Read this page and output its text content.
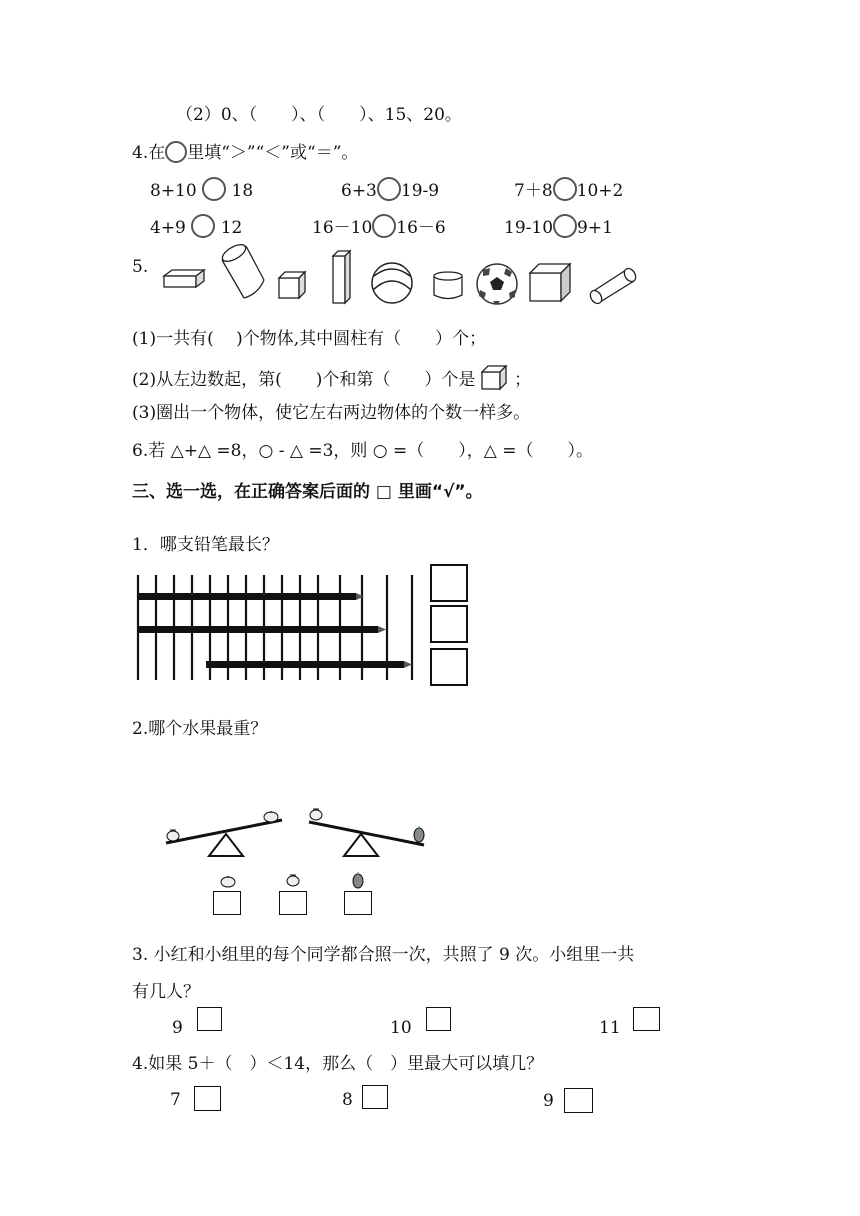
（2）0、（　　）、（　　）、15、20。
4.在 里填“＞”“＜”或“＝”。
8+10 18	6+3 19-9	7＋8 10+2
4+9 12	16－10 16－6	19-10 9+1
5.
(1)一共有(　 )个物体,其中圆柱有（　　）个；
(2)从左边数起，第(　　)个和第（　　）个是 ；
(3)圈出一个物体，使它左右两边物体的个数一样多。
6.若 △+△ =8，○ - △ =3，则 ○ =（　　），△ =（　　）。
三、选一选，在正确答案后面的 □ 里画“√”。
1．哪支铅笔最长？
2.哪个水果最重？
3. 小红和小组里的每个同学都合照一次，共照了 9 次。小组里一共
有几人？
9	10	11
4.如果 5＋（　）＜14，那么（　）里最大可以填几？
7	8	9
